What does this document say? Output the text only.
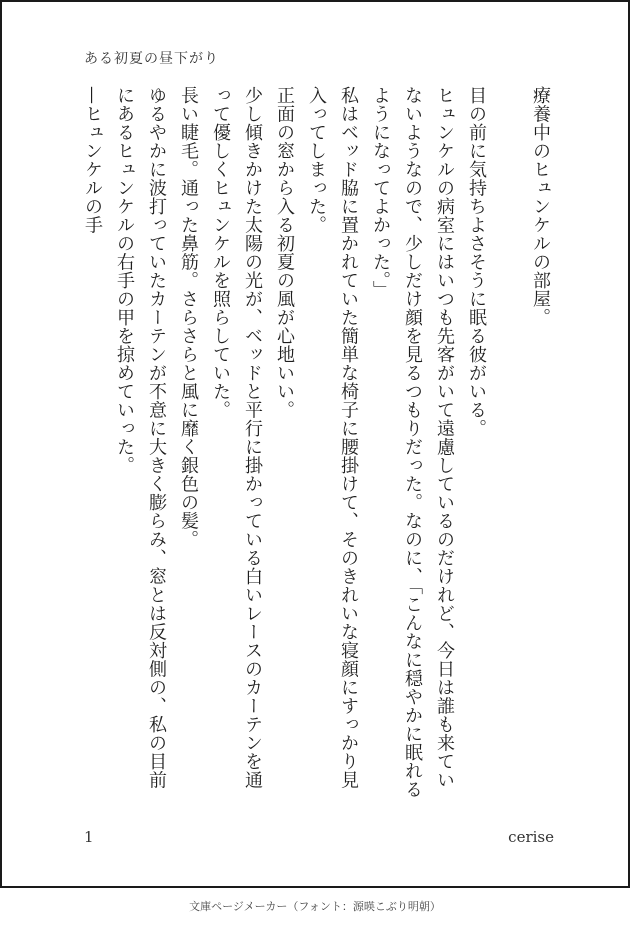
ある初夏の昼下がり

療養中のヒュンケルの部屋。

目の前に気持ちよさそうに眠る彼がいる。

ヒュンケルの病室にはいつも先客がいて遠慮しているのだけれど、今日は誰も来ていないようなので、少しだけ顔を見るつもりだった。なのに、「こんなに穏やかに眠れるようになってよかった。」

私はベッド脇に置かれていた簡単な椅子に腰掛けて、そのきれいな寝顔にすっかり見入ってしまった。

正面の窓から入る初夏の風が心地いい。

少し傾きかけた太陽の光が、ベッドと平行に掛かっている白いレースのカーテンを通って優しくヒュンケルを照らしていた。

長い睫毛。通った鼻筋。さらさらと風に靡く銀色の髪。

ゆるやかに波打っていたカーテンが不意に大きく膨らみ、窓とは反対側の、私の目前にあるヒュンケルの右手の甲を掠めていった。

—ヒュンケルの手

1	cerise
文庫ページメーカー（フォント：源暎こぶり明朝）
